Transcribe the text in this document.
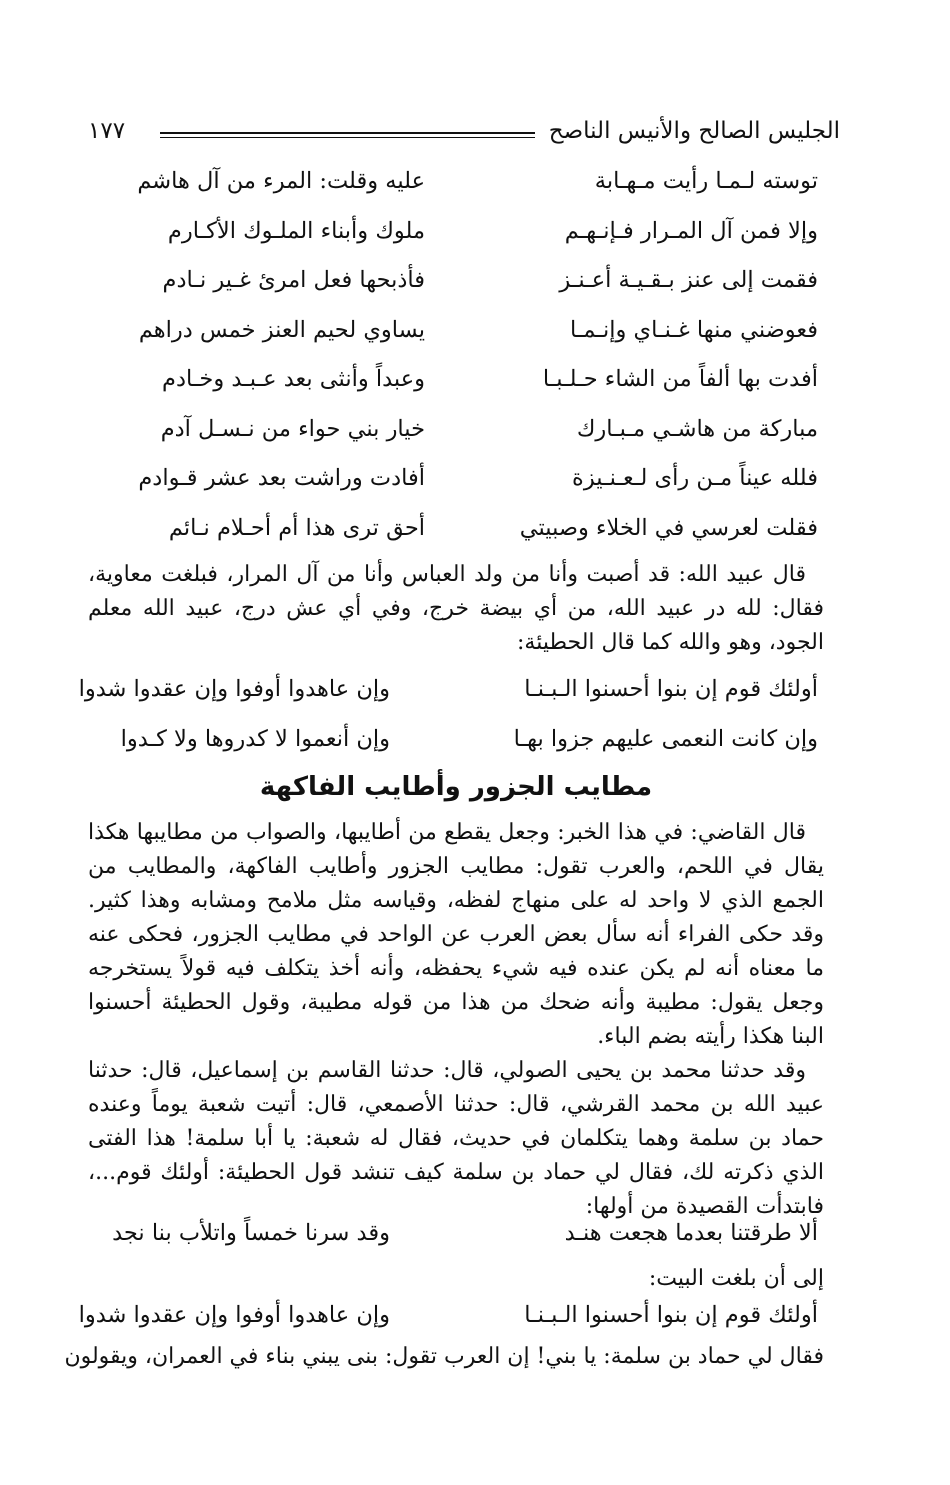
الجليس الصالح والأنيس الناصح
١٧٧
توسته لـمـا رأيت مـهـابة
عليه وقلت: المرء من آل هاشم
وإلا فمن آل المـرار فـإنـهـم
ملوك وأبناء الملـوك الأكـارم
فقمت إلى عنز بـقـيـة أعـنـز
فأذبحها فعل امرئ غـير نـادم
فعوضني منها غـنـاي وإنـمـا
يساوي لحيم العنز خمس دراهم
أفدت بها ألفاً من الشاء حـلـبـا
وعبداً وأنثى بعد عـبـد وخـادم
مباركة من هاشـي مـبـارك
خيار بني حواء من نـسـل آدم
فلله عيناً مـن رأى لـعـنـيزة
أفادت وراشت بعد عشر قـوادم
فقلت لعرسي في الخلاء وصبيتي
أحق ترى هذا أم أحـلام نـائم

قال عبيد الله: قد أصبت وأنا من ولد العباس وأنا من آل المرار، فبلغت معاوية، فقال: لله در عبيد الله، من أي بيضة خرج، وفي أي عش درج، عبيد الله معلم الجود، وهو والله كما قال الحطيئة:

أولئك قوم إن بنوا أحسنوا الـبـنـا
وإن عاهدوا أوفوا وإن عقدوا شدوا
وإن كانت النعمى عليهم جزوا بهـا
وإن أنعموا لا كدروها ولا كـدوا
مطايب الجزور وأطايب الفاكهة

قال القاضي: في هذا الخبر: وجعل يقطع من أطايبها، والصواب من مطايبها هكذا يقال في اللحم، والعرب تقول: مطايب الجزور وأطايب الفاكهة، والمطايب من الجمع الذي لا واحد له على منهاج لفظه، وقياسه مثل ملامح ومشابه وهذا كثير. وقد حكى الفراء أنه سأل بعض العرب عن الواحد في مطايب الجزور، فحكى عنه ما معناه أنه لم يكن عنده فيه شيء يحفظه، وأنه أخذ يتكلف فيه قولاً يستخرجه وجعل يقول: مطيبة وأنه ضحك من هذا من قوله مطيبة، وقول الحطيئة أحسنوا البنا هكذا رأيته بضم الباء.

وقد حدثنا محمد بن يحيى الصولي، قال: حدثنا القاسم بن إسماعيل، قال: حدثنا عبيد الله بن محمد القرشي، قال: حدثنا الأصمعي، قال: أتيت شعبة يوماً وعنده حماد بن سلمة وهما يتكلمان في حديث، فقال له شعبة: يا أبا سلمة! هذا الفتى الذي ذكرته لك، فقال لي حماد بن سلمة كيف تنشد قول الحطيئة: أولئك قوم...، فابتدأت القصيدة من أولها:

ألا طرقتنا بعدما هجعت هنـد
وقد سرنا خمساً واتلأب بنا نجد
إلى أن بلغت البيت:
أولئك قوم إن بنوا أحسنوا الـبـنـا
وإن عاهدوا أوفوا وإن عقدوا شدوا
فقال لي حماد بن سلمة: يا بني! إن العرب تقول: بنى يبني بناء في العمران، ويقولون
